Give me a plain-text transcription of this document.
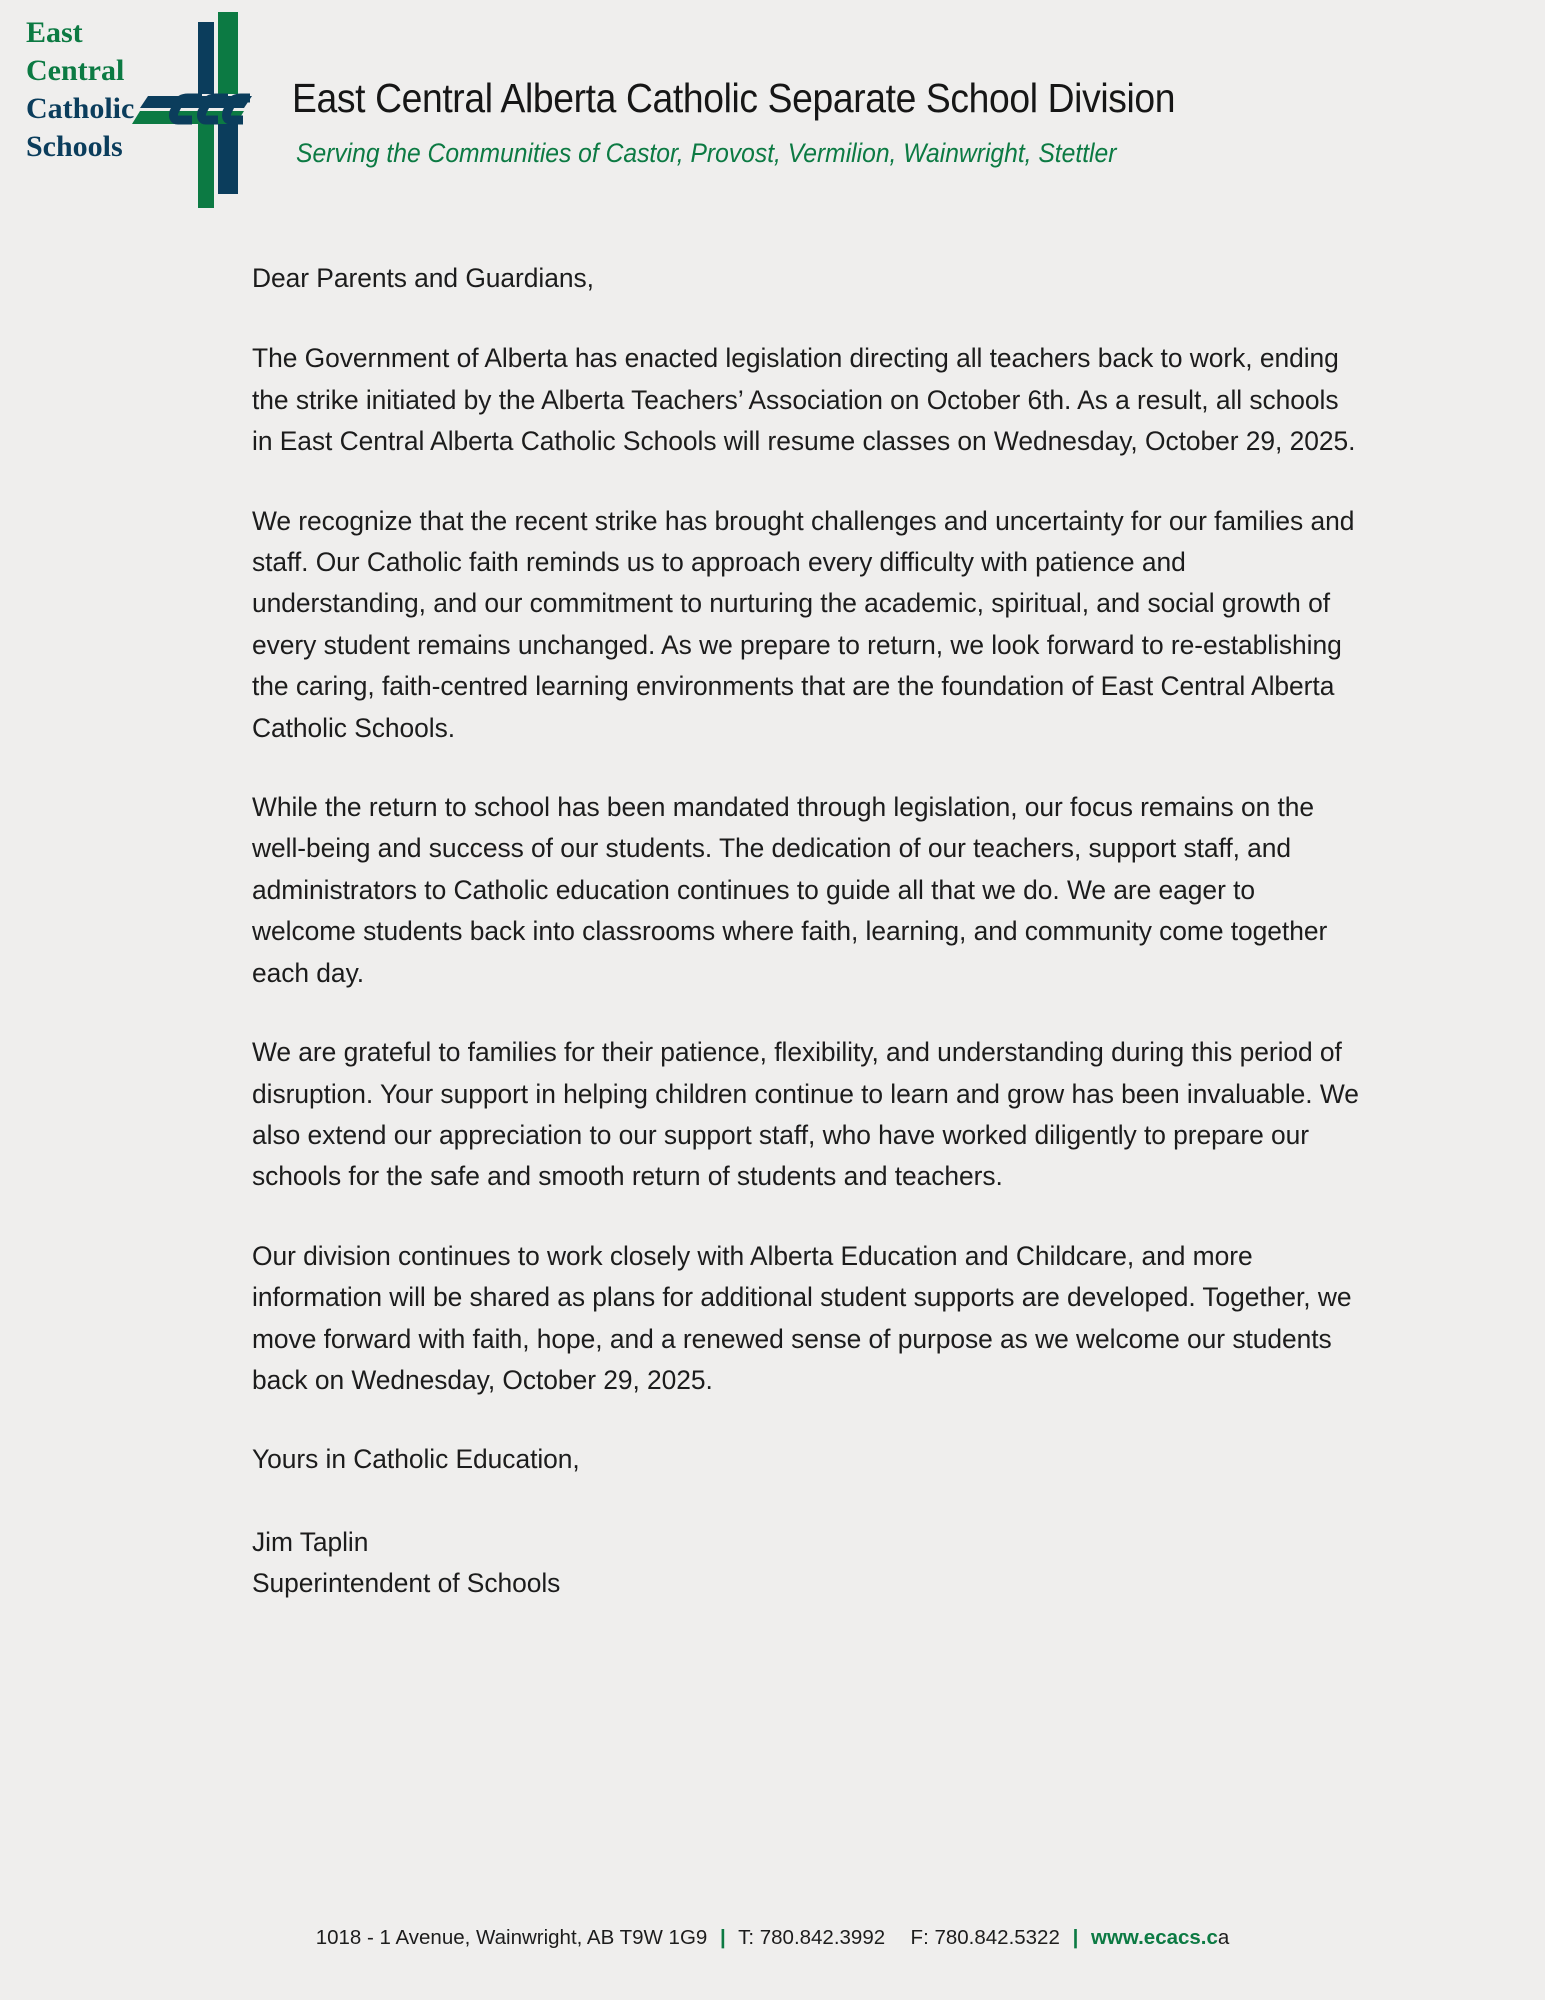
East
Central
Catholic
Schools
East Central Alberta Catholic Separate School Division
Serving the Communities of Castor, Provost, Vermilion, Wainwright, Stettler

Dear Parents and Guardians,

The Government of Alberta has enacted legislation directing all teachers back to work, ending the strike initiated by the Alberta Teachers’ Association on October 6th. As a result, all schools in East Central Alberta Catholic Schools will resume classes on Wednesday, October 29, 2025.

We recognize that the recent strike has brought challenges and uncertainty for our families and staff. Our Catholic faith reminds us to approach every difficulty with patience and understanding, and our commitment to nurturing the academic, spiritual, and social growth of every student remains unchanged. As we prepare to return, we look forward to re-establishing the caring, faith-centred learning environments that are the foundation of East Central Alberta Catholic Schools.

While the return to school has been mandated through legislation, our focus remains on the well-being and success of our students. The dedication of our teachers, support staff, and administrators to Catholic education continues to guide all that we do. We are eager to welcome students back into classrooms where faith, learning, and community come together each day.

We are grateful to families for their patience, flexibility, and understanding during this period of disruption. Your support in helping children continue to learn and grow has been invaluable. We also extend our appreciation to our support staff, who have worked diligently to prepare our schools for the safe and smooth return of students and teachers.

Our division continues to work closely with Alberta Education and Childcare, and more information will be shared as plans for additional student supports are developed. Together, we move forward with faith, hope, and a renewed sense of purpose as we welcome our students back on Wednesday, October 29, 2025.

Yours in Catholic Education,

Jim Taplin
Superintendent of Schools

1018 - 1 Avenue, Wainwright, AB T9W 1G9 | T: 780.842.3992 F: 780.842.5322 | www.ecacs.ca
